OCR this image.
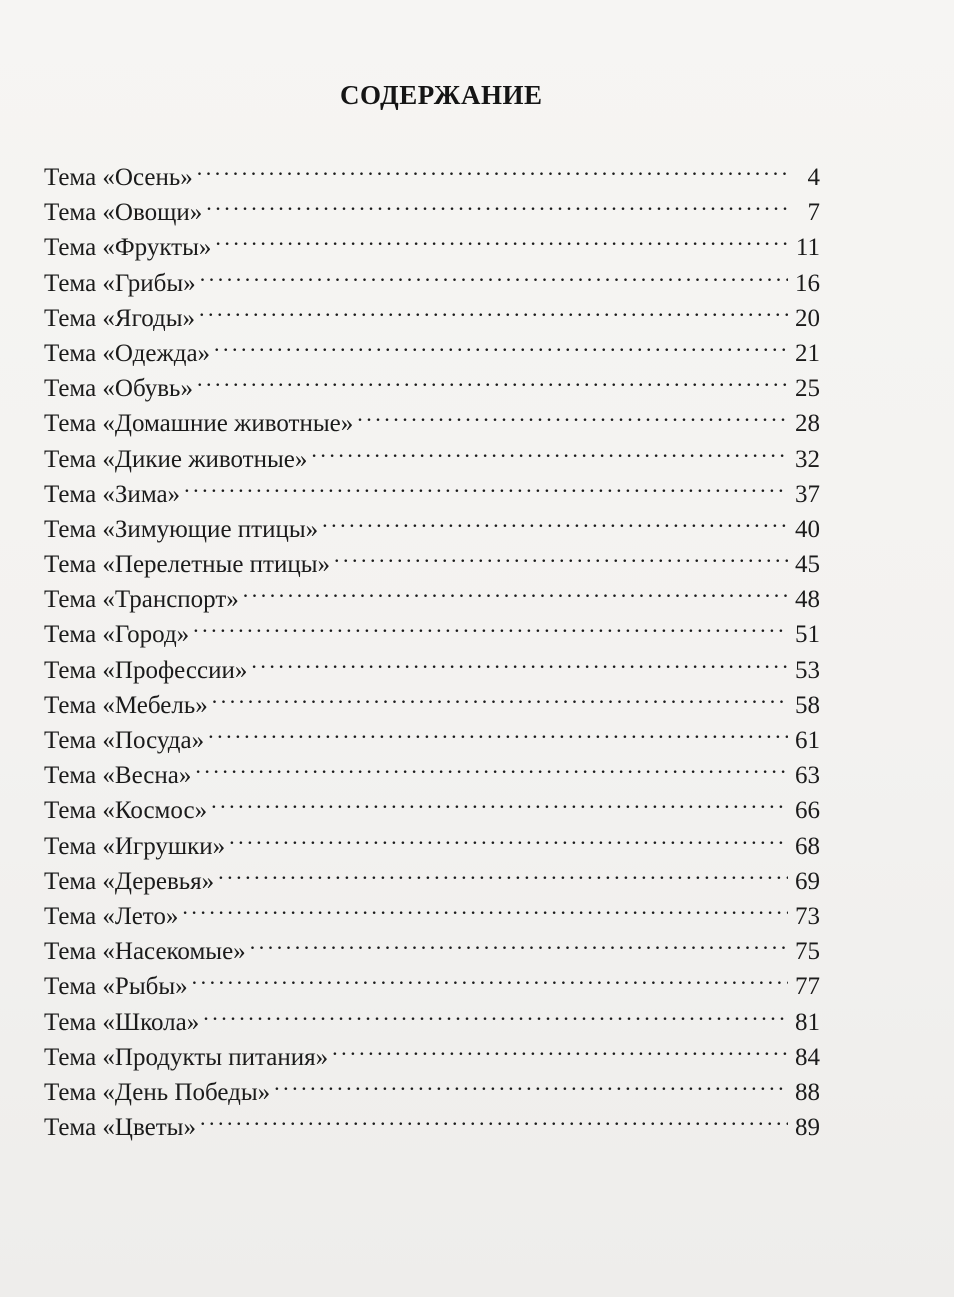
СОДЕРЖАНИЕ
Тема «Осень» . . .	4
Тема «Овощи» . . .	7
Тема «Фрукты» . . .	11
Тема «Грибы» . . .	16
Тема «Ягоды» . . .	20
Тема «Одежда» . . .	21
Тема «Обувь» . . .	25
Тема «Домашние животные» . . .	28
Тема «Дикие животные» . . .	32
Тема «Зима» . . .	37
Тема «Зимующие птицы» . . .	40
Тема «Перелетные птицы» . . .	45
Тема «Транспорт» . . .	48
Тема «Город» . . .	51
Тема «Профессии» . . .	53
Тема «Мебель» . . .	58
Тема «Посуда» . . .	61
Тема «Весна» . . .	63
Тема «Космос» . . .	66
Тема «Игрушки» . . .	68
Тема «Деревья» . . .	69
Тема «Лето» . . .	73
Тема «Насекомые» . . .	75
Тема «Рыбы» . . .	77
Тема «Школа» . . .	81
Тема «Продукты питания» . . .	84
Тема «День Победы» . . .	88
Тема «Цветы» . . .	89
